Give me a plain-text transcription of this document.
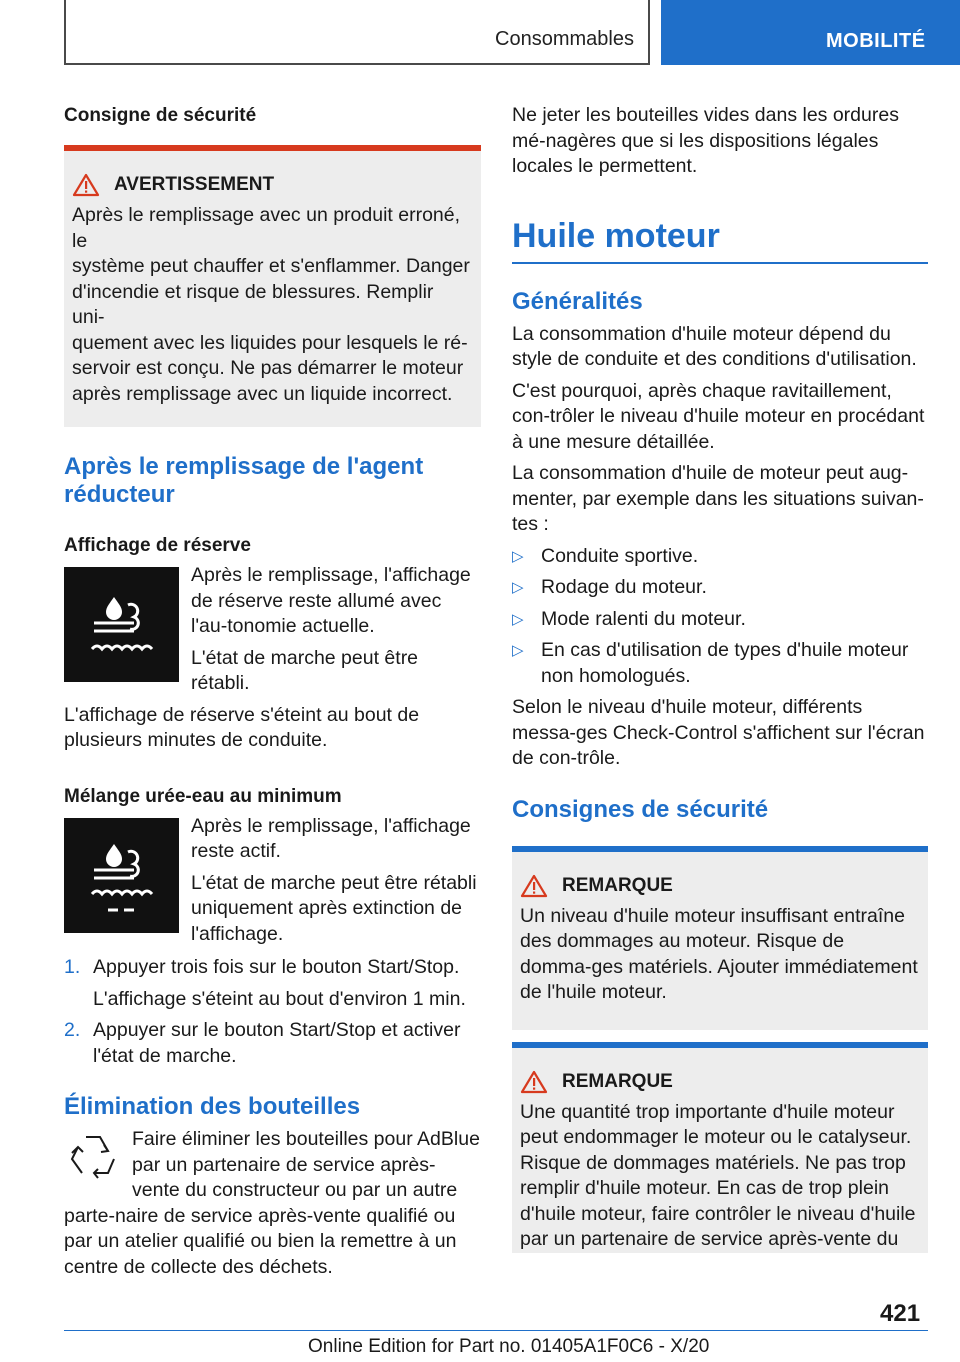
Consommables	MOBILITÉ
Consigne de sécurité
AVERTISSEMENT

Après le remplissage avec un produit erroné, le

système peut chauffer et s'enflammer. Danger

d'incendie et risque de blessures. Remplir uni-

quement avec les liquides pour lesquels le ré-

servoir est conçu. Ne pas démarrer le moteur

après remplissage avec un liquide incorrect.

Après le remplissage de l'agent
réducteur
Affichage de réserve

Après le remplissage, l'affichage de réserve reste allumé avec l'au-tonomie actuelle.

L'état de marche peut être rétabli.

L'affichage de réserve s'éteint au bout de plusieurs minutes de conduite.

Mélange urée-eau au minimum

Après le remplissage, l'affichage reste actif.

L'état de marche peut être rétabli uniquement après extinction de l'affichage.

1. Appuyer trois fois sur le bouton Start/Stop.

L'affichage s'éteint au bout d'environ 1 min.

2. Appuyer sur le bouton Start/Stop et activer l'état de marche.

Élimination des bouteilles

Faire éliminer les bouteilles pour AdBlue par un partenaire de service après-vente du constructeur ou par un autre parte-naire de service après-vente qualifié ou par un atelier qualifié ou bien la remettre à un centre de collecte des déchets.

Ne jeter les bouteilles vides dans les ordures mé-nagères que si les dispositions légales locales le permettent.

Huile moteur
Généralités

La consommation d'huile moteur dépend du style de conduite et des conditions d'utilisation.

C'est pourquoi, après chaque ravitaillement, con-trôler le niveau d'huile moteur en procédant à une mesure détaillée.

La consommation d'huile de moteur peut aug-menter, par exemple dans les situations suivan-tes :

▷ Conduite sportive.

▷ Rodage du moteur.

▷ Mode ralenti du moteur.

▷ En cas d'utilisation de types d'huile moteur non homologués.

Selon le niveau d'huile moteur, différents messa-ges Check-Control s'affichent sur l'écran de con-trôle.

Consignes de sécurité
REMARQUE

Un niveau d'huile moteur insuffisant entraîne des dommages au moteur. Risque de domma-ges matériels. Ajouter immédiatement de l'huile moteur.

REMARQUE

Une quantité trop importante d'huile moteur peut endommager le moteur ou le catalyseur. Risque de dommages matériels. Ne pas trop remplir d'huile moteur. En cas de trop plein d'huile moteur, faire contrôler le niveau d'huile par un partenaire de service après-vente du

421
Online Edition for Part no. 01405A1F0C6 - X/20
